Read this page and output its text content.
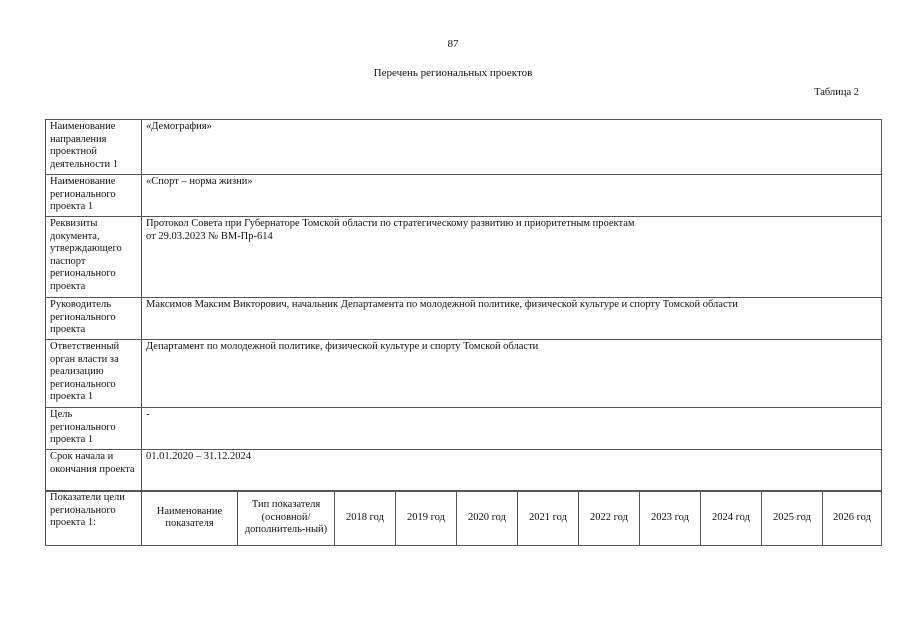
87
Перечень региональных проектов
Таблица 2
Наименование направления проектной деятельности 1	«Демография»
Наименование регионального проекта 1	«Спорт – норма жизни»
Реквизиты документа, утверждающего паспорт регионального проекта	Протокол Совета при Губернаторе Томской области по стратегическому развитию и приоритетным проектам
от 29.03.2023 № ВМ-Пр-614

Руководитель регионального проекта	Максимов Максим Викторович, начальник Департамента по молодежной политике, физической культуре и спорту Томской области
Ответственный орган власти за реализацию регионального проекта 1	Департамент по молодежной политике, физической культуре и спорту Томской области
Цель регионального проекта 1	-
Срок начала и окончания проекта	01.01.2020 – 31.12.2024
Показатели цели регионального проекта 1:	Наименование показателя	Тип показателя (основной/ дополнитель-ный)	2018 год	2019 год	2020 год	2021 год	2022 год	2023 год	2024 год	2025 год	2026 год
